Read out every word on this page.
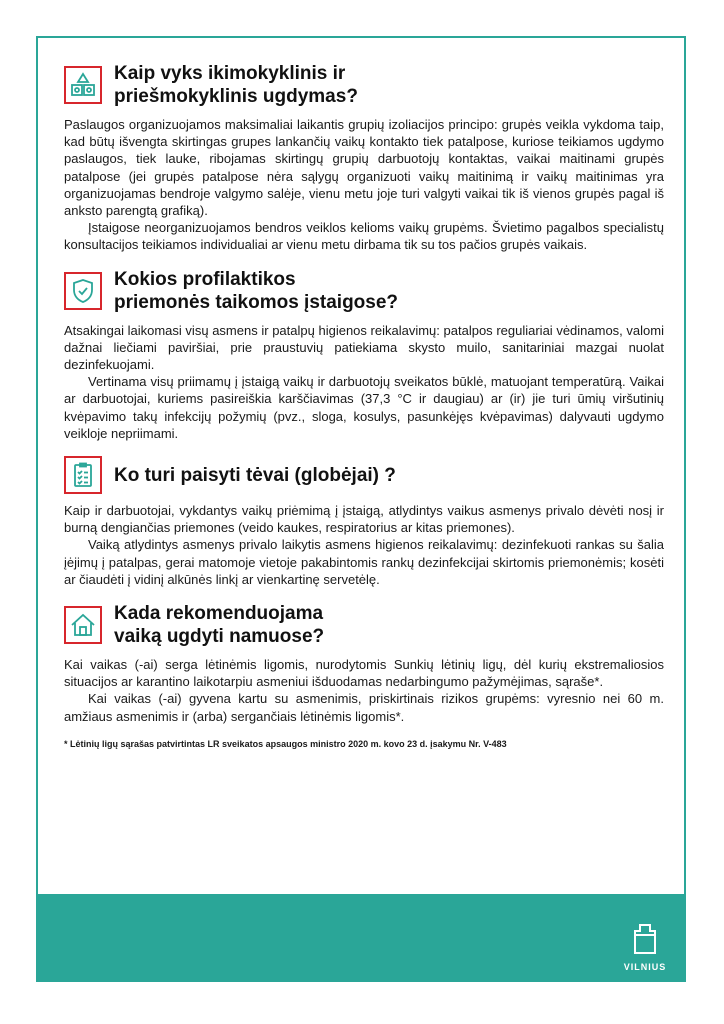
Kaip vyks ikimokyklinis ir
priešmokyklinis ugdymas?

Paslaugos organizuojamos maksimaliai laikantis grupių izoliacijos principo: grupės veikla vykdoma taip, kad būtų išvengta skirtingas grupes lankančių vaikų kontakto tiek patalpose, kuriose teikiamos ugdymo paslaugos, tiek lauke, ribojamas skirtingų grupių darbuotojų kontaktas, vaikai maitinami grupės patalpose (jei grupės patalpose nėra sąlygų organizuoti vaikų maitinimą ir vaikų maitinimas yra organizuojamas bendroje valgymo salėje, vienu metu joje turi valgyti vaikai tik iš vienos grupės pagal iš anksto parengtą grafiką).

Įstaigose neorganizuojamos bendros veiklos kelioms vaikų grupėms. Švietimo pagalbos specialistų konsultacijos teikiamos individualiai ar vienu metu dirbama tik su tos pačios grupės vaikais.

Kokios profilaktikos
priemonės taikomos įstaigose?

Atsakingai laikomasi visų asmens ir patalpų higienos reikalavimų: patalpos reguliariai vėdinamos, valomi dažnai liečiami paviršiai, prie praustuvių patiekiama skysto muilo, sanitariniai mazgai nuolat dezinfekuojami.

Vertinama visų priimamų į įstaigą vaikų ir darbuotojų sveikatos būklė, matuojant temperatūrą. Vaikai ar darbuotojai, kuriems pasireiškia karščiavimas (37,3 °C ir daugiau) ar (ir) jie turi ūmių viršutinių kvėpavimo takų infekcijų požymių (pvz., sloga, kosulys, pasunkėjęs kvėpavimas) dalyvauti ugdymo veikloje nepriimami.

Ko turi paisyti tėvai (globėjai) ?

Kaip ir darbuotojai, vykdantys vaikų priėmimą į įstaigą, atlydintys vaikus asmenys privalo dėvėti nosį ir burną dengiančias priemones (veido kaukes, respiratorius ar kitas priemones).

Vaiką atlydintys asmenys privalo laikytis asmens higienos reikalavimų: dezinfekuoti rankas su šalia įėjimų į patalpas, gerai matomoje vietoje pakabintomis rankų dezinfekcijai skirtomis priemonėmis; kosėti ar čiaudėti į vidinį alkūnės linkį ar vienkartinę servetėlę.

Kada rekomenduojama
vaiką ugdyti namuose?

Kai vaikas (-ai) serga lėtinėmis ligomis, nurodytomis Sunkių lėtinių ligų, dėl kurių ekstremaliosios situacijos ar karantino laikotarpiu asmeniui išduodamas nedarbingumo pažymėjimas, sąraše*.

Kai vaikas (-ai) gyvena kartu su asmenimis, priskirtinais rizikos grupėms: vyresnio nei 60 m. amžiaus asmenimis ir (arba) sergančiais lėtinėmis ligomis*.

* Lėtinių ligų sąrašas patvirtintas LR sveikatos apsaugos ministro 2020 m. kovo 23 d. įsakymu Nr. V-483
VILNIUS
